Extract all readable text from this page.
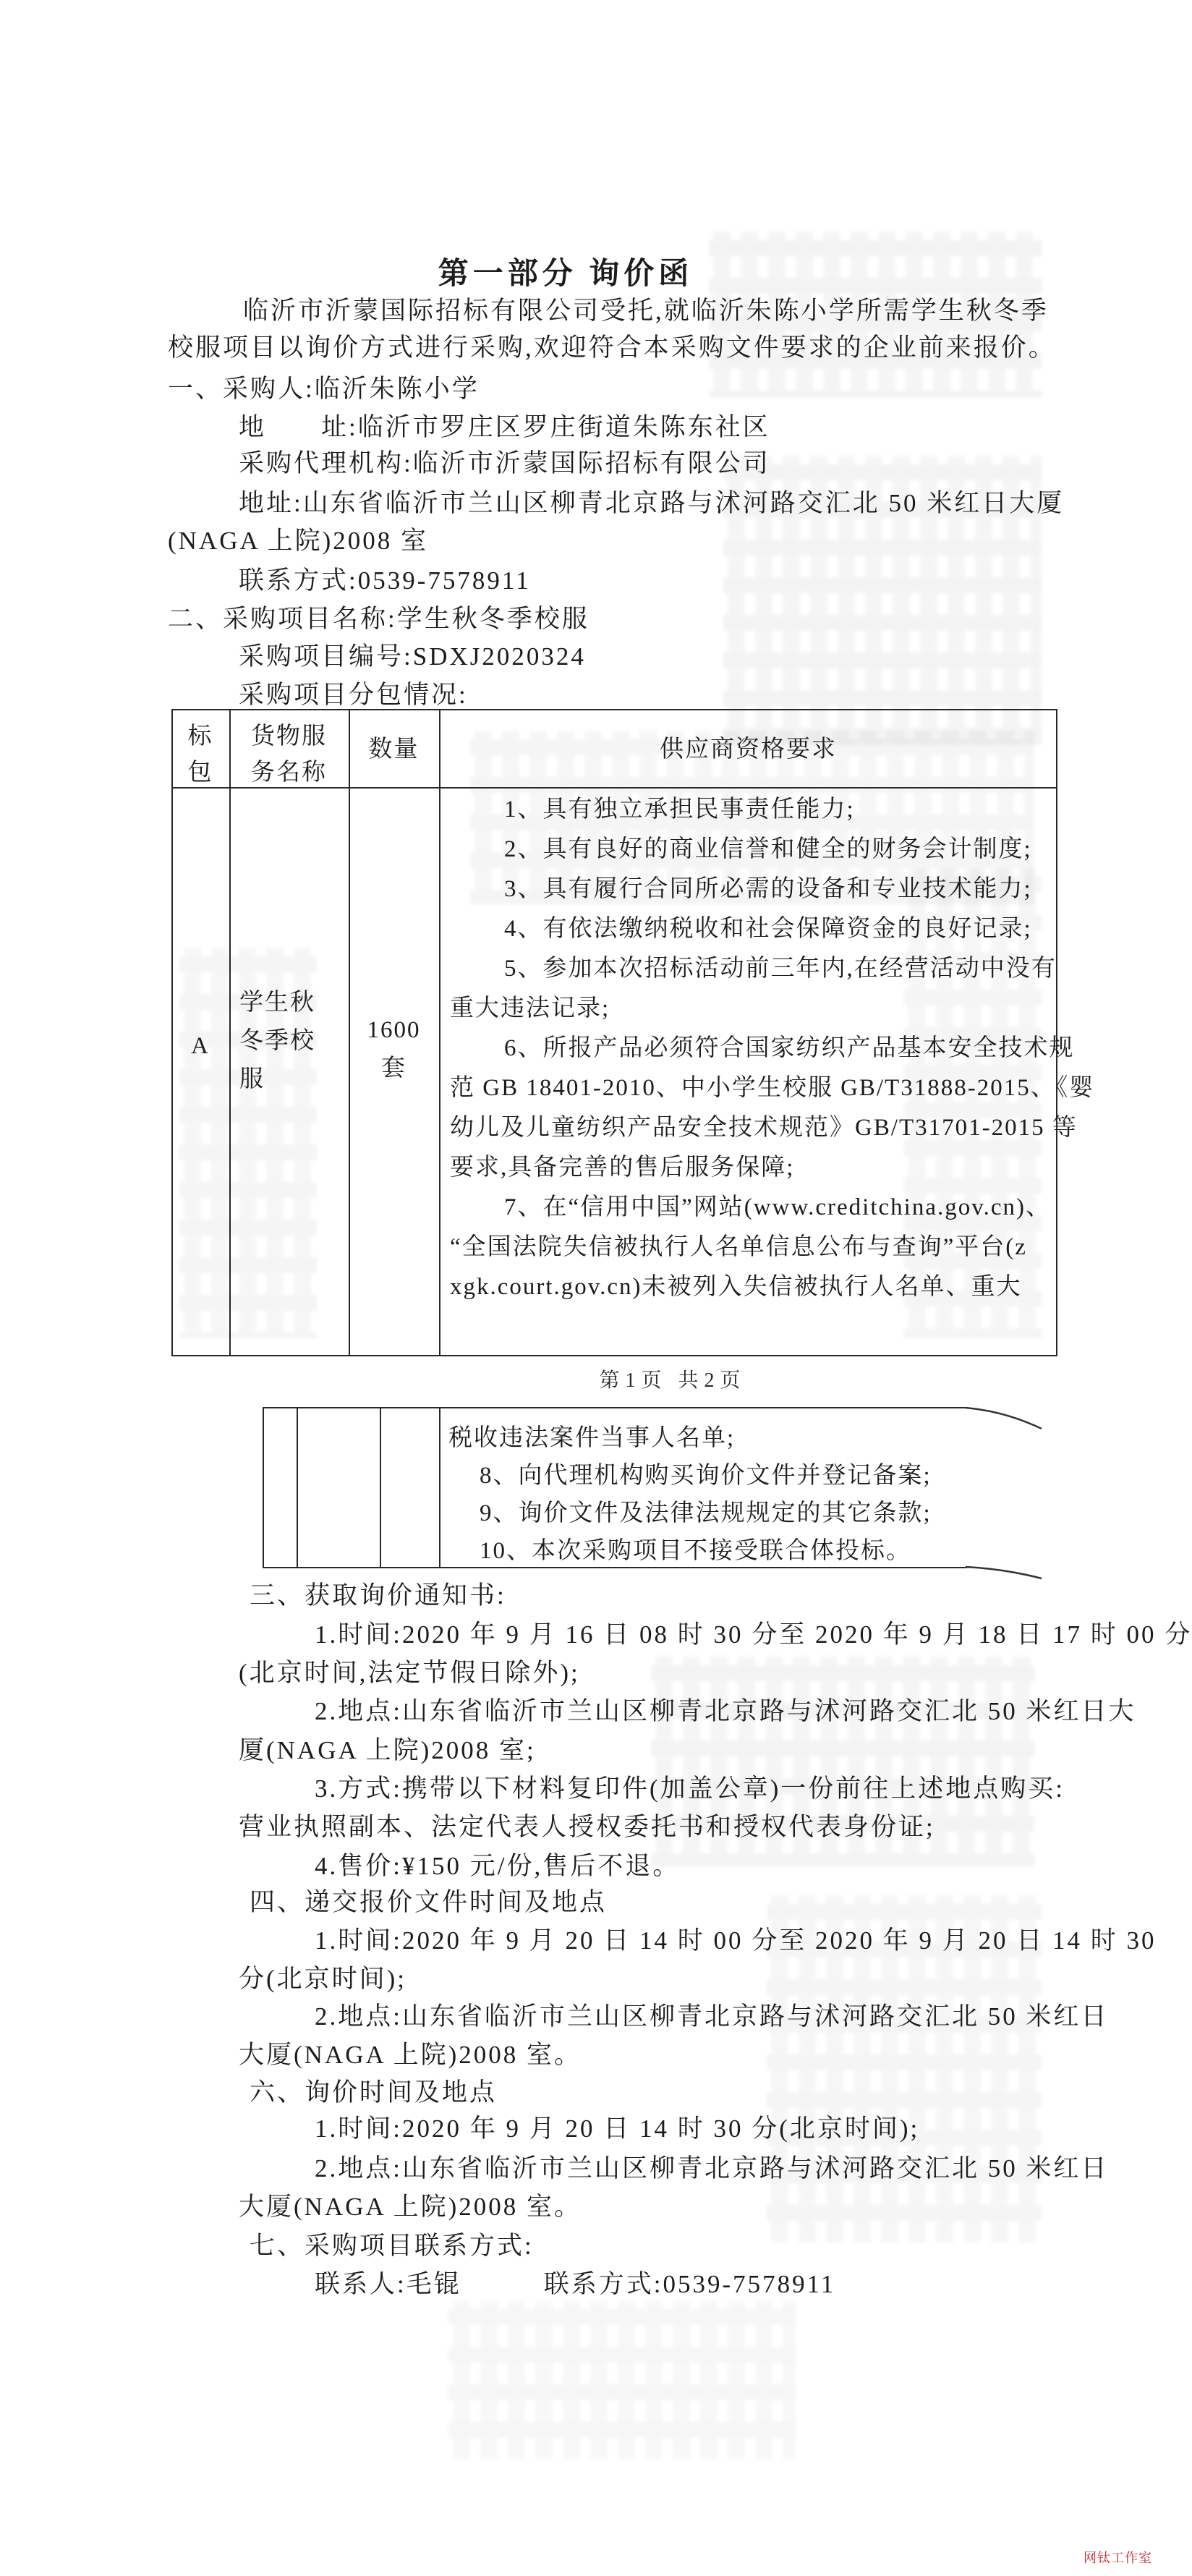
第一部分 询价函
临沂市沂蒙国际招标有限公司受托,就临沂朱陈小学所需学生秋冬季
校服项目以询价方式进行采购,欢迎符合本采购文件要求的企业前来报价。
一、采购人:临沂朱陈小学
地　　址:临沂市罗庄区罗庄街道朱陈东社区
采购代理机构:临沂市沂蒙国际招标有限公司
地址:山东省临沂市兰山区柳青北京路与沭河路交汇北 50 米红日大厦
(NAGA 上院)2008 室
联系方式:0539-7578911
二、采购项目名称:学生秋冬季校服
采购项目编号:SDXJ2020324
采购项目分包情况:
标
包
货物服
务名称
数量	供应商资格要求
A
学生秋
冬季校
服
1600
套
1、具有独立承担民事责任能力;
2、具有良好的商业信誉和健全的财务会计制度;
3、具有履行合同所必需的设备和专业技术能力;
4、有依法缴纳税收和社会保障资金的良好记录;
5、参加本次招标活动前三年内,在经营活动中没有
重大违法记录;
6、所报产品必须符合国家纺织产品基本安全技术规
范 GB 18401-2010、中小学生校服 GB/T31888-2015、《婴
幼儿及儿童纺织产品安全技术规范》GB/T31701-2015 等
要求,具备完善的售后服务保障;
7、在“信用中国”网站(www.creditchina.gov.cn)、
“全国法院失信被执行人名单信息公布与查询”平台(z
xgk.court.gov.cn)未被列入失信被执行人名单、重大
第1页 共2页
税收违法案件当事人名单;
8、向代理机构购买询价文件并登记备案;
9、询价文件及法律法规规定的其它条款;
10、本次采购项目不接受联合体投标。
三、获取询价通知书:
1.时间:2020 年 9 月 16 日 08 时 30 分至 2020 年 9 月 18 日 17 时 00 分
(北京时间,法定节假日除外);
2.地点:山东省临沂市兰山区柳青北京路与沭河路交汇北 50 米红日大
厦(NAGA 上院)2008 室;
3.方式:携带以下材料复印件(加盖公章)一份前往上述地点购买:
营业执照副本、法定代表人授权委托书和授权代表身份证;
4.售价:¥150 元/份,售后不退。
四、递交报价文件时间及地点
1.时间:2020 年 9 月 20 日 14 时 00 分至 2020 年 9 月 20 日 14 时 30
分(北京时间);
2.地点:山东省临沂市兰山区柳青北京路与沭河路交汇北 50 米红日
大厦(NAGA 上院)2008 室。
六、询价时间及地点
1.时间:2020 年 9 月 20 日 14 时 30 分(北京时间);
2.地点:山东省临沂市兰山区柳青北京路与沭河路交汇北 50 米红日
大厦(NAGA 上院)2008 室。
七、采购项目联系方式:
联系人:毛锟　　　联系方式:0539-7578911
网钛工作室
